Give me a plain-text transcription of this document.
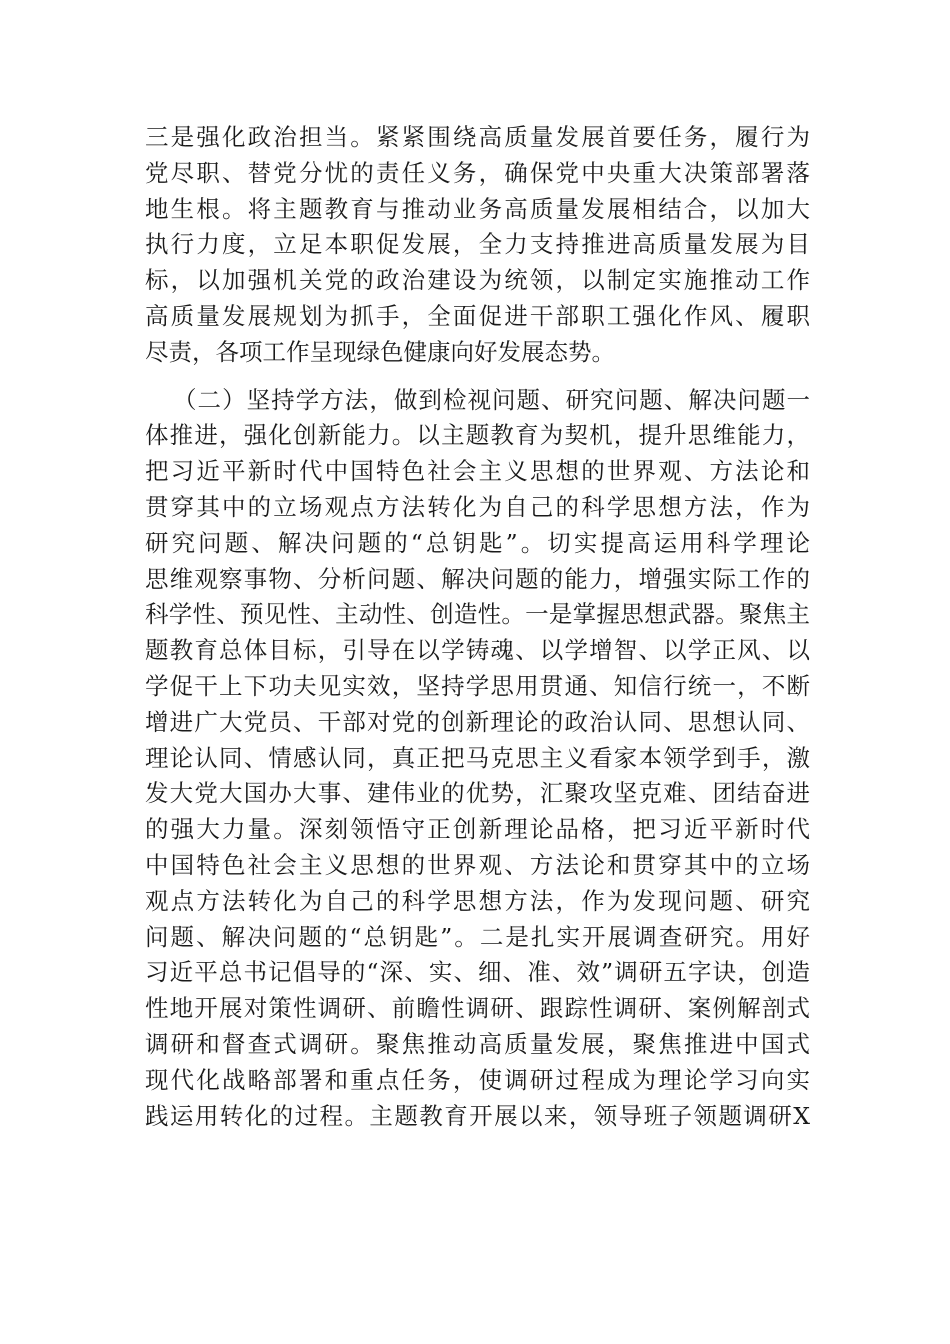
三是强化政治担当。紧紧围绕高质量发展首要任务，履行为
党尽职、替党分忧的责任义务，确保党中央重大决策部署落
地生根。将主题教育与推动业务高质量发展相结合，以加大
执行力度，立足本职促发展，全力支持推进高质量发展为目
标，以加强机关党的政治建设为统领，以制定实施推动工作
高质量发展规划为抓手，全面促进干部职工强化作风、履职
尽责，各项工作呈现绿色健康向好发展态势。
（二）坚持学方法，做到检视问题、研究问题、解决问题一
体推进，强化创新能力。以主题教育为契机，提升思维能力，
把习近平新时代中国特色社会主义思想的世界观、方法论和
贯穿其中的立场观点方法转化为自己的科学思想方法，作为
研究问题、解决问题的“总钥匙”。切实提高运用科学理论
思维观察事物、分析问题、解决问题的能力，增强实际工作的
科学性、预见性、主动性、创造性。一是掌握思想武器。聚焦主
题教育总体目标，引导在以学铸魂、以学增智、以学正风、以
学促干上下功夫见实效，坚持学思用贯通、知信行统一，不断
增进广大党员、干部对党的创新理论的政治认同、思想认同、
理论认同、情感认同，真正把马克思主义看家本领学到手，激
发大党大国办大事、建伟业的优势，汇聚攻坚克难、团结奋进
的强大力量。深刻领悟守正创新理论品格，把习近平新时代
中国特色社会主义思想的世界观、方法论和贯穿其中的立场
观点方法转化为自己的科学思想方法，作为发现问题、研究
问题、解决问题的“总钥匙”。二是扎实开展调查研究。用好
习近平总书记倡导的“深、实、细、准、效”调研五字诀，创造
性地开展对策性调研、前瞻性调研、跟踪性调研、案例解剖式
调研和督查式调研。聚焦推动高质量发展，聚焦推进中国式
现代化战略部署和重点任务，使调研过程成为理论学习向实
践运用转化的过程。主题教育开展以来，领导班子领题调研X
